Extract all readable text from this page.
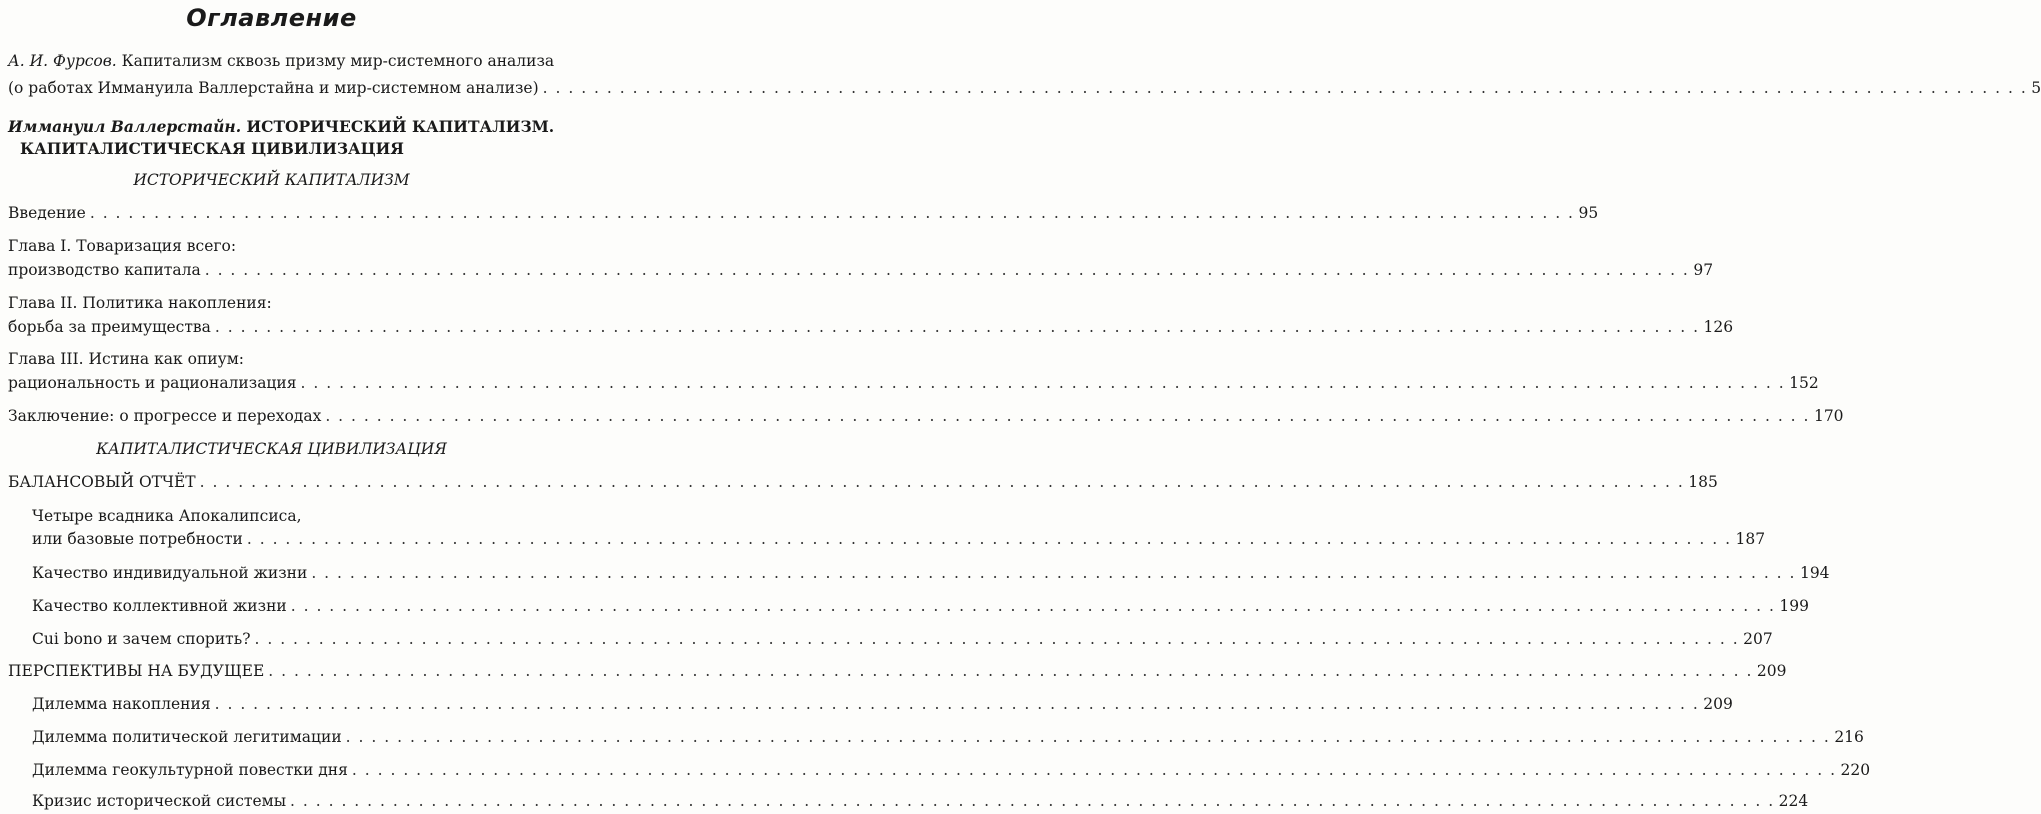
Оглавление
А. И. Фурсов. Капитализм сквозь призму мир-системного анализа
(о работах Иммануила Валлерстайна и мир-системном анализе) . . .	5
Иммануил Валлерстайн. ИСТОРИЧЕСКИЙ КАПИТАЛИЗМ.
КАПИТАЛИСТИЧЕСКАЯ ЦИВИЛИЗАЦИЯ
ИСТОРИЧЕСКИЙ КАПИТАЛИЗМ
Введение . . .	95
Глава I. Товаризация всего:
производство капитала . . .	97
Глава II. Политика накопления:
борьба за преимущества . . .	126
Глава III. Истина как опиум:
рациональность и рационализация . . .	152
Заключение: о прогрессе и переходах . . .	170
КАПИТАЛИСТИЧЕСКАЯ ЦИВИЛИЗАЦИЯ
БАЛАНСОВЫЙ ОТЧЁТ . . .	185
Четыре всадника Апокалипсиса,
или базовые потребности . . .	187
Качество индивидуальной жизни . . .	194
Качество коллективной жизни . . .	199
Cui bono и зачем спорить? . . .	207
ПЕРСПЕКТИВЫ НА БУДУЩЕЕ . . .	209
Дилемма накопления . . .	209
Дилемма политической легитимации . . .	216
Дилемма геокультурной повестки дня . . .	220
Кризис исторической системы . . .	224
